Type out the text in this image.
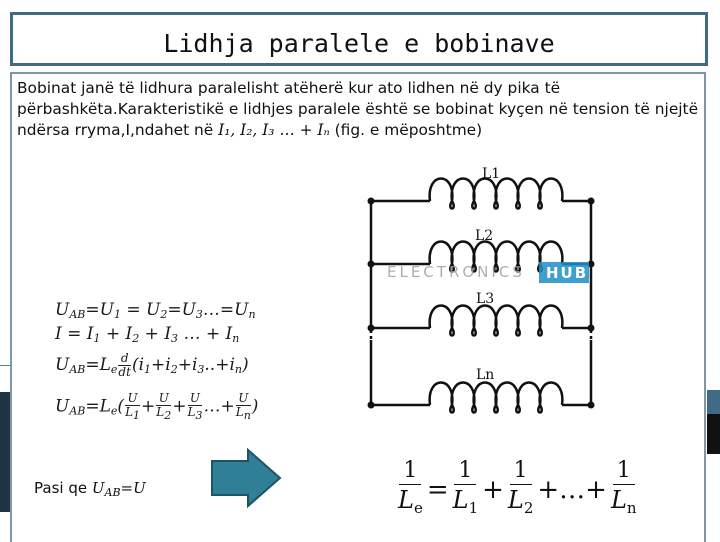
Lidhja paralele e bobinave
Bobinat janë të lidhura paralelisht atëherë kur ato lidhen në dy pika të përbashkëta.Karakteristikë e lidhjes paralele është se bobinat kyçen në tension të njejtë ndërsa rryma,I,ndahet në I₁, I₂, I₃ … + Iₙ (fig. e mëposhtme)
ELECTRONICS HUB
L1
L2
L3
Ln
$U_{AB}=U_1$ = $U_2=U_3\dots=U_n$
$I = I_1 + I_2 + I_3$ … + $I_n$
$U_{AB}=L_e \frac{d}{dt} (i_1+i_2+i_3..+i_n)$
$U_{AB}=L_e( \frac{U}{L1} + \frac{U}{L2} + \frac{U}{L3}$ …+ $\frac{U}{Ln}$ )
Pasi qe $U_{AB}=U$	$\frac{1}{L_e} = \frac{1}{L_1} + \frac{1}{L_2}$ +…+ $\frac{1}{L_n}$
